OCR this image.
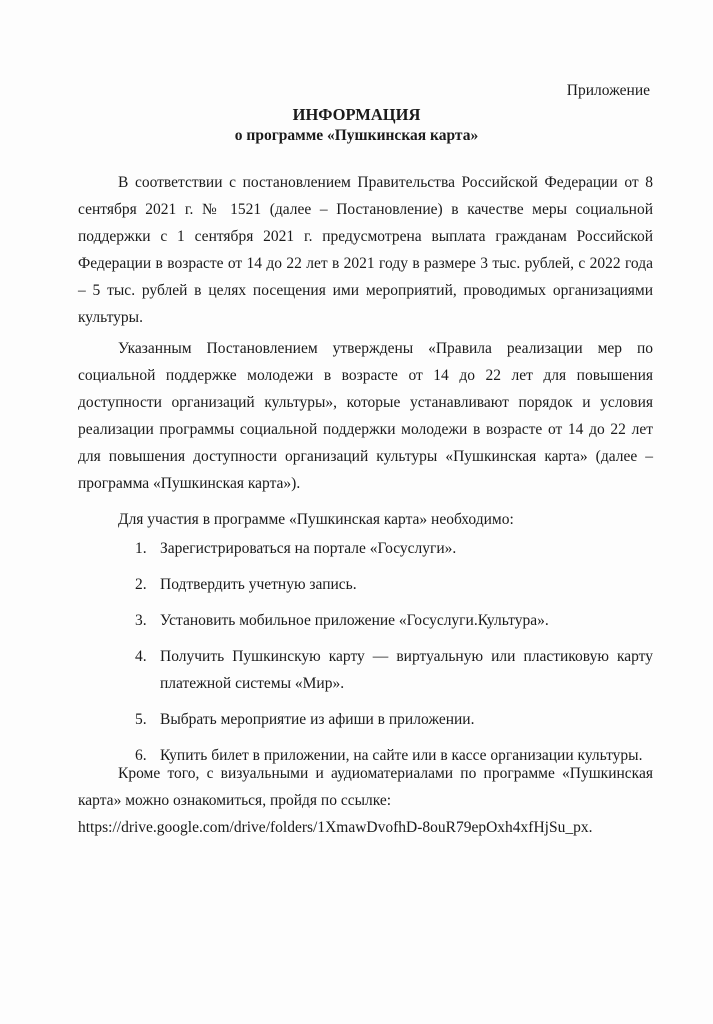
Приложение
ИНФОРМАЦИЯ
о программе «Пушкинская карта»

В соответствии с постановлением Правительства Российской Федерации от 8 сентября 2021 г. № 1521 (далее – Постановление) в качестве меры социальной поддержки с 1 сентября 2021 г. предусмотрена выплата гражданам Российской Федерации в возрасте от 14 до 22 лет в 2021 году в размере 3 тыс. рублей, с 2022 года – 5 тыс. рублей в целях посещения ими мероприятий, проводимых организациями культуры.

Указанным Постановлением утверждены «Правила реализации мер по социальной поддержке молодежи в возрасте от 14 до 22 лет для повышения доступности организаций культуры», которые устанавливают порядок и условия реализации программы социальной поддержки молодежи в возрасте от 14 до 22 лет для повышения доступности организаций культуры «Пушкинская карта» (далее – программа «Пушкинская карта»).

Для участия в программе «Пушкинская карта» необходимо:

1. Зарегистрироваться на портале «Госуслуги».
2. Подтвердить учетную запись.
3. Установить мобильное приложение «Госуслуги.Культура».
4. Получить Пушкинскую карту — виртуальную или пластиковую карту платежной системы «Мир».
5. Выбрать мероприятие из афиши в приложении.
6. Купить билет в приложении, на сайте или в кассе организации культуры.

Кроме того, с визуальными и аудиоматериалами по программе «Пушкинская карта» можно ознакомиться, пройдя по ссылке:

https://drive.google.com/drive/folders/1XmawDvofhD-8ouR79epOxh4xfHjSu_px.
